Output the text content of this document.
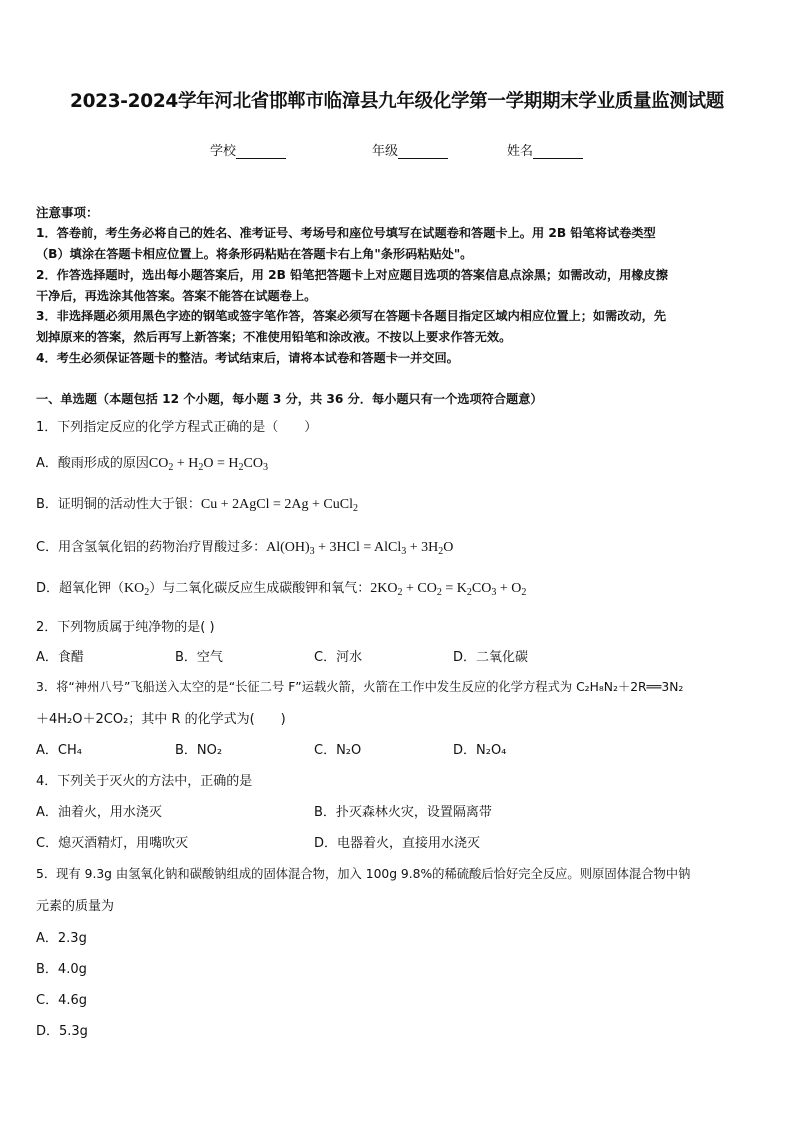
2023-2024学年河北省邯郸市临漳县九年级化学第一学期期末学业质量监测试题
学校	年级	姓名
注意事项：
1．答卷前，考生务必将自己的姓名、准考证号、考场号和座位号填写在试题卷和答题卡上。用 2B 铅笔将试卷类型
（B）填涂在答题卡相应位置上。将条形码粘贴在答题卡右上角"条形码粘贴处"。
2．作答选择题时，选出每小题答案后，用 2B 铅笔把答题卡上对应题目选项的答案信息点涂黑；如需改动，用橡皮擦
干净后，再选涂其他答案。答案不能答在试题卷上。
3．非选择题必须用黑色字迹的钢笔或签字笔作答，答案必须写在答题卡各题目指定区域内相应位置上；如需改动，先
划掉原来的答案，然后再写上新答案；不准使用铅笔和涂改液。不按以上要求作答无效。
4．考生必须保证答题卡的整洁。考试结束后，请将本试卷和答题卡一并交回。
一、单选题（本题包括 12 个小题，每小题 3 分，共 36 分．每小题只有一个选项符合题意）
1．下列指定反应的化学方程式正确的是（　　）
A．酸雨形成的原因$CO_2 + H_2O = H_2CO_3$
B．证明铜的活动性大于银：Cu + 2AgCl = 2Ag + CuCl$_2$
C．用含氢氧化铝的药物治疗胃酸过多：$Al(OH)_3 + 3HCl$ = AlCl$_3$ + $3H_2O$
D．超氧化钾$(KO_2)$与二氧化碳反应生成碳酸钾和氧气：$2KO_2 + CO_2 = K_2CO_3 + O_2$
2．下列物质属于纯净物的是( )
A．食醋	B．空气	C．河水	D．二氧化碳
3．将“神州八号”飞船送入太空的是“长征二号 F”运载火箭，火箭在工作中发生反应的化学方程式为 C₂H₈N₂＋2R══3N₂
＋4H₂O＋2CO₂；其中 R 的化学式为(　　)
A．CH₄	B．NO₂	C．N₂O	D．N₂O₄
4．下列关于灭火的方法中，正确的是
A．油着火，用水浇灭	B．扑灭森林火灾，设置隔离带
C．熄灭酒精灯，用嘴吹灭	D．电器着火，直接用水浇灭
5．现有 9.3g 由氢氧化钠和碳酸钠组成的固体混合物，加入 100g 9.8%的稀硫酸后恰好完全反应。则原固体混合物中钠
元素的质量为
A．2.3g
B．4.0g
C．4.6g
D．5.3g
